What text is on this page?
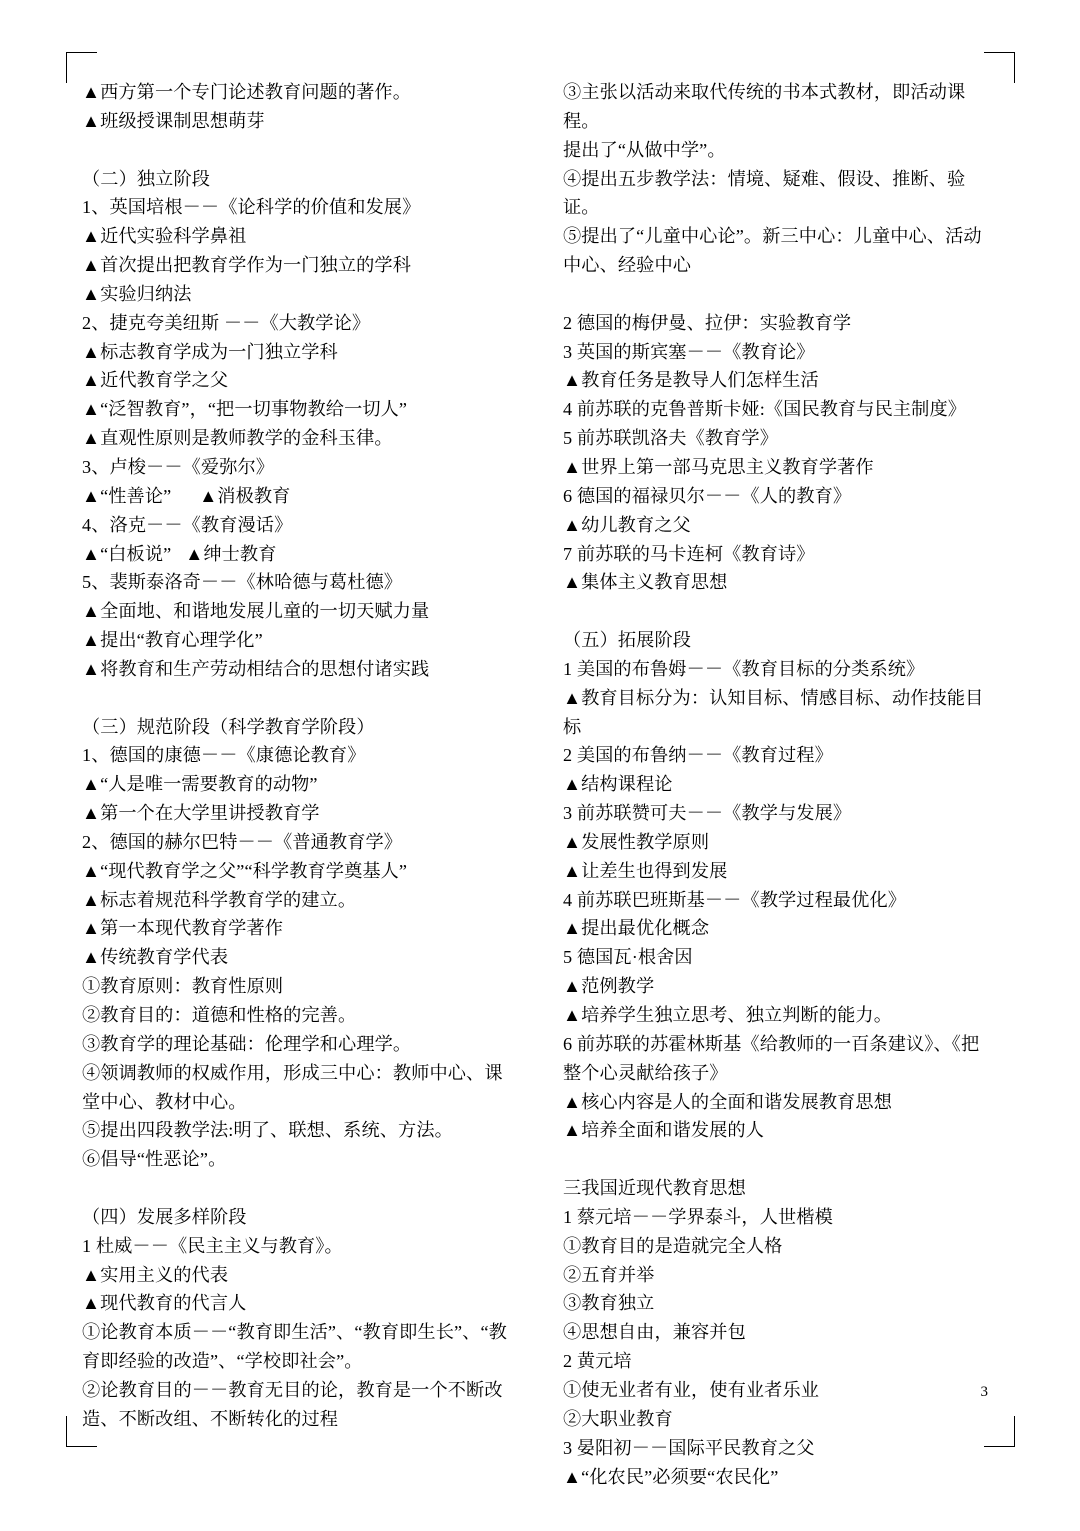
▲西方第一个专门论述教育问题的著作。
▲班级授课制思想萌芽
（二）独立阶段
1、英国培根－－《论科学的价值和发展》
▲近代实验科学鼻祖
▲首次提出把教育学作为一门独立的学科
▲实验归纳法
2、捷克夸美纽斯 －－《大教学论》
▲标志教育学成为一门独立学科
▲近代教育学之父
▲“泛智教育”，“把一切事物教给一切人”
▲直观性原则是教师教学的金科玉律。
3、卢梭－－《爱弥尔》
▲“性善论”      ▲消极教育
4、洛克－－《教育漫话》
▲“白板说”   ▲绅士教育
5、裴斯泰洛奇－－《林哈德与葛杜德》
▲全面地、和谐地发展儿童的一切天赋力量
▲提出“教育心理学化”
▲将教育和生产劳动相结合的思想付诸实践
（三）规范阶段（科学教育学阶段）
1、德国的康德－－《康德论教育》
▲“人是唯一需要教育的动物”
▲第一个在大学里讲授教育学
2、德国的赫尔巴特－－《普通教育学》
▲“现代教育学之父”“科学教育学奠基人”
▲标志着规范科学教育学的建立。
▲第一本现代教育学著作
▲传统教育学代表
①教育原则：教育性原则
②教育目的：道德和性格的完善。
③教育学的理论基础：伦理学和心理学。
④领调教师的权威作用，形成三中心：教师中心、课
堂中心、教材中心。
⑤提出四段教学法:明了、联想、系统、方法。
⑥倡导“性恶论”。
（四）发展多样阶段
1 杜威－－《民主主义与教育》。
▲实用主义的代表
▲现代教育的代言人
①论教育本质－－“教育即生活”、“教育即生长”、“教
育即经验的改造”、“学校即社会”。
②论教育目的－－教育无目的论，教育是一个不断改
造、不断改组、不断转化的过程
③主张以活动来取代传统的书本式教材，即活动课程。
提出了“从做中学”。
④提出五步教学法：情境、疑难、假设、推断、验证。
⑤提出了“儿童中心论”。新三中心：儿童中心、活动
中心、经验中心
2 德国的梅伊曼、拉伊：实验教育学
3 英国的斯宾塞－－《教育论》
▲教育任务是教导人们怎样生活
4 前苏联的克鲁普斯卡娅:《国民教育与民主制度》
5 前苏联凯洛夫《教育学》
▲世界上第一部马克思主义教育学著作
6 德国的福禄贝尔－－《人的教育》
▲幼儿教育之父
7 前苏联的马卡连柯《教育诗》
▲集体主义教育思想
（五）拓展阶段
1 美国的布鲁姆－－《教育目标的分类系统》
▲教育目标分为：认知目标、情感目标、动作技能目
标
2 美国的布鲁纳－－《教育过程》
▲结构课程论
3 前苏联赞可夫－－《教学与发展》
▲发展性教学原则
▲让差生也得到发展
4 前苏联巴班斯基－－《教学过程最优化》
▲提出最优化概念
5 德国瓦·根舍因
▲范例教学
▲培养学生独立思考、独立判断的能力。
6 前苏联的苏霍林斯基《给教师的一百条建议》、《把
整个心灵献给孩子》
▲核心内容是人的全面和谐发展教育思想
▲培养全面和谐发展的人
三我国近现代教育思想
1 蔡元培－－学界泰斗，人世楷模
①教育目的是造就完全人格
②五育并举
③教育独立
④思想自由，兼容并包
2 黄元培
①使无业者有业，使有业者乐业
②大职业教育
3 晏阳初－－国际平民教育之父
▲“化农民”必须要“农民化”
3
